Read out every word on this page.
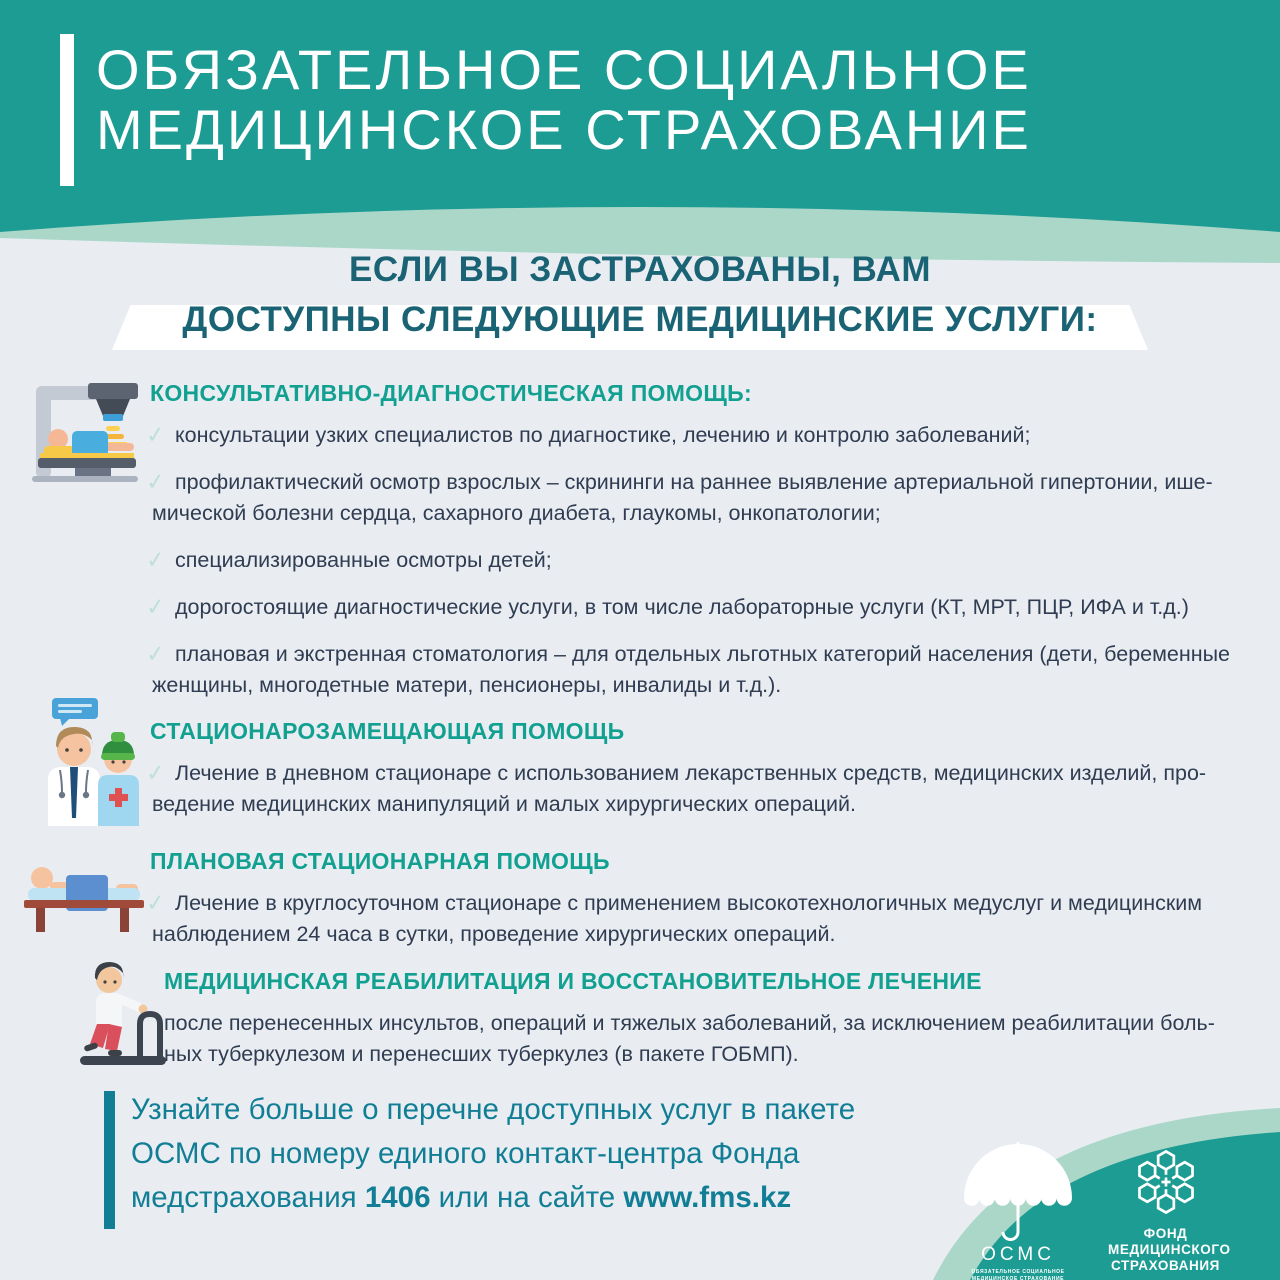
ОБЯЗАТЕЛЬНОЕ СОЦИАЛЬНОЕ
МЕДИЦИНСКОЕ СТРАХОВАНИЕ
ЕСЛИ ВЫ ЗАСТРАХОВАНЫ, ВАМ
ДОСТУПНЫ СЛЕДУЮЩИЕ МЕДИЦИНСКИЕ УСЛУГИ:
КОНСУЛЬТАТИВНО-ДИАГНОСТИЧЕСКАЯ ПОМОЩЬ:
✓ консультации узких специалистов по диагностике, лечению и контролю заболеваний;
✓ профилактический осмотр взрослых – скрининги на раннее выявление артериальной гипертонии, ише-
мической болезни сердца, сахарного диабета, глаукомы, онкопатологии;
✓ специализированные осмотры детей;
✓ дорогостоящие диагностические услуги, в том числе лабораторные услуги (КТ, МРТ, ПЦР, ИФА и т.д.)
✓ плановая и экстренная стоматология – для отдельных льготных категорий населения (дети, беременные
женщины, многодетные матери, пенсионеры, инвалиды и т.д.).
СТАЦИОНАРОЗАМЕЩАЮЩАЯ ПОМОЩЬ
✓ Лечение в дневном стационаре с использованием лекарственных средств, медицинских изделий, про-
ведение медицинских манипуляций и малых хирургических операций.
ПЛАНОВАЯ СТАЦИОНАРНАЯ ПОМОЩЬ
✓ Лечение в круглосуточном стационаре с применением высокотехнологичных медуслуг и медицинским
наблюдением 24 часа в сутки, проведение хирургических операций.
МЕДИЦИНСКАЯ РЕАБИЛИТАЦИЯ И ВОССТАНОВИТЕЛЬНОЕ ЛЕЧЕНИЕ
после перенесенных инсультов, операций и тяжелых заболеваний, за исключением реабилитации боль-
ных туберкулезом и перенесших туберкулез (в пакете ГОБМП).
Узнайте больше о перечне доступных услуг в пакете
ОСМС по номеру единого контакт-центра Фонда
медстрахования 1406 или на сайте www.fms.kz
ОСМС
ОБЯЗАТЕЛЬНОЕ СОЦИАЛЬНОЕ
МЕДИЦИНСКОЕ СТРАХОВАНИЕ
ФОНД
МЕДИЦИНСКОГО
СТРАХОВАНИЯ
